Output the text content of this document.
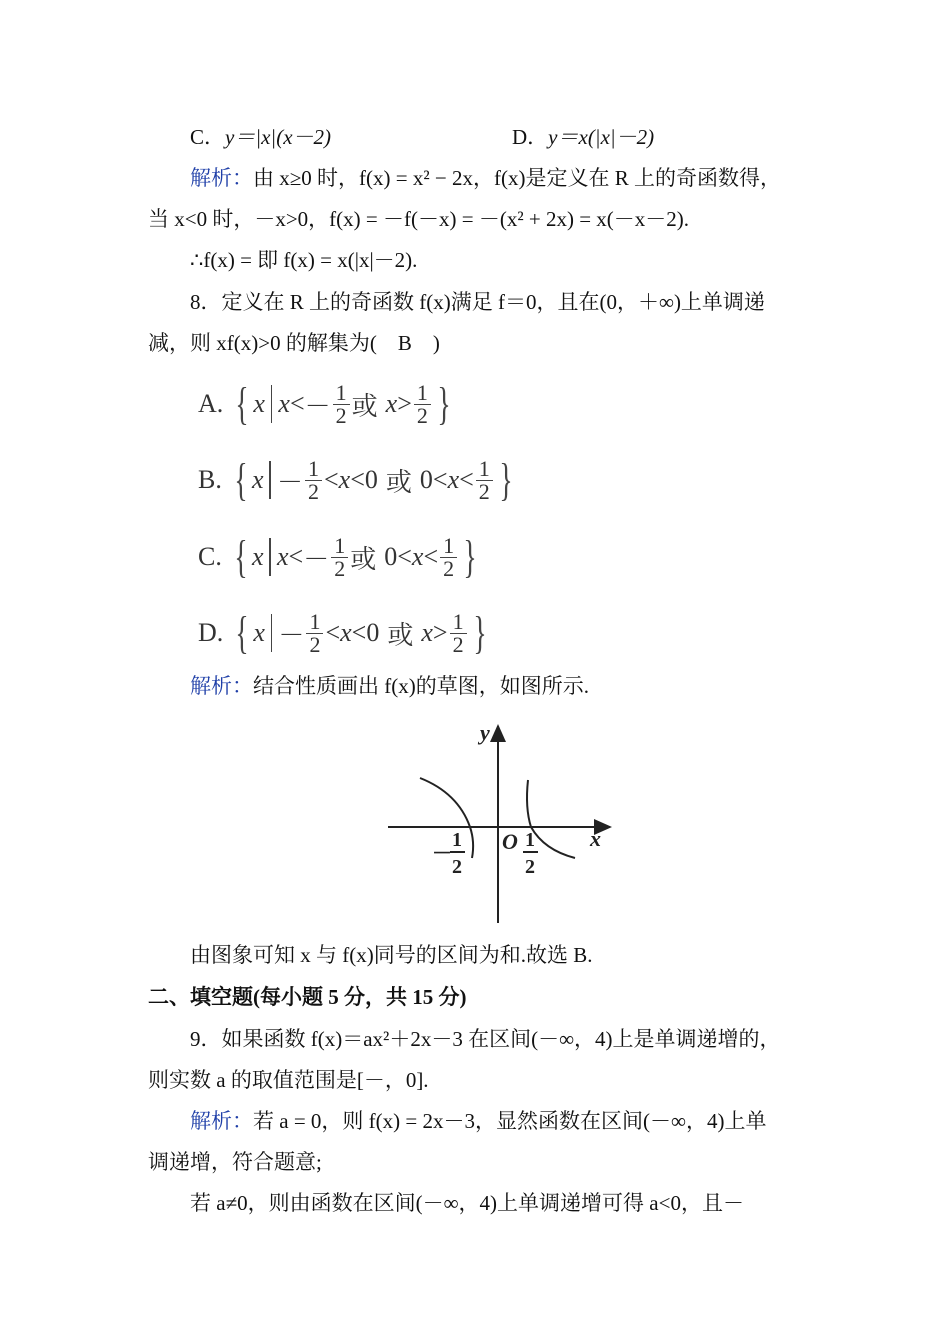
C．y＝|x|(x－2)	D．y＝x(|x|－2)
解析：由 x≥0 时，f(x) = x² − 2x，f(x)是定义在 R 上的奇函数得，
当 x<0 时，－x>0，f(x) = －f(－x) = －(x² + 2x) = x(－x－2).
∴f(x) = 即 f(x) = x(|x|－2).
8．定义在 R 上的奇函数 f(x)满足 f＝0，且在(0，＋∞)上单调递
减，则 xf(x)>0 的解集为(　B　)
A. { x x < － $\frac{1}{2}$ 或 $x > \frac{1}{2}$ }
B. { $x - \frac{1}{2} < x < 0$ 或 $0 < x < \frac{1}{2}$ }
C. { x x < － $\frac{1}{2}$ 或 $0 < x < \frac{1}{2}$ }
D. { $x - \frac{1}{2} < x < 0$ 或 $x > \frac{1}{2}$ }
解析：结合性质画出 f(x)的草图，如图所示.
y
x
O
－
1
2
1
2
由图象可知 x 与 f(x)同号的区间为和.故选 B.
二、填空题(每小题 5 分，共 15 分)
9．如果函数 f(x)＝ax²＋2x－3 在区间(－∞，4)上是单调递增的，
则实数 a 的取值范围是[－，0].
解析：若 a = 0，则 f(x) = 2x－3，显然函数在区间(－∞，4)上单
调递增，符合题意;
若 a≠0，则由函数在区间(－∞，4)上单调递增可得 a<0，且－
